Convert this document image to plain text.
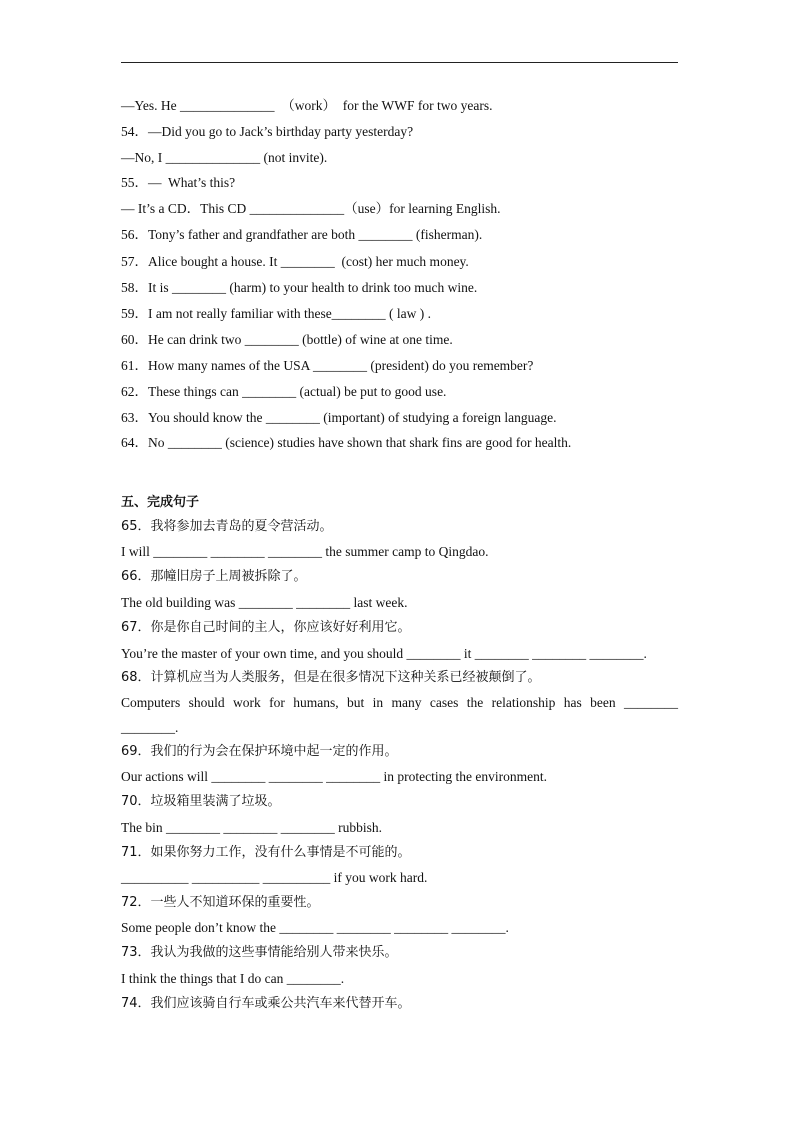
—Yes. He ______________  （work）  for the WWF for two years.
54．—Did you go to Jack’s birthday party yesterday?
—No, I ______________ (not invite).
55．—  What’s this?
— It’s a CD．This CD ______________（use）for learning English.
56．Tony’s father and grandfather are both ________ (fisherman).
57．Alice bought a house. It ________  (cost) her much money.
58．It is ________ (harm) to your health to drink too much wine.
59．I am not really familiar with these________ ( law ) .
60．He can drink two ________ (bottle) of wine at one time.
61．How many names of the USA ________ (president) do you remember?
62．These things can ________ (actual) be put to good use.
63．You should know the ________ (important) of studying a foreign language.
64．No ________ (science) studies have shown that shark fins are good for health.
五、完成句子
65．我将参加去青岛的夏令营活动。
I will ________ ________ ________ the summer camp to Qingdao.
66．那幢旧房子上周被拆除了。
The old building was ________ ________ last week.
67．你是你自己时间的主人，你应该好好利用它。
You’re the master of your own time, and you should ________ it ________ ________ ________.
68．计算机应当为人类服务，但是在很多情况下这种关系已经被颠倒了。
Computers should work for humans, but in many cases the relationship has been ________
________.
69．我们的行为会在保护环境中起一定的作用。
Our actions will ________ ________ ________ in protecting the environment.
70．垃圾箱里装满了垃圾。
The bin ________ ________ ________ rubbish.
71．如果你努力工作，没有什么事情是不可能的。
__________ __________ __________ if you work hard.
72．一些人不知道环保的重要性。
Some people don’t know the ________ ________ ________ ________.
73．我认为我做的这些事情能给别人带来快乐。
I think the things that I do can ________.
74．我们应该骑自行车或乘公共汽车来代替开车。
